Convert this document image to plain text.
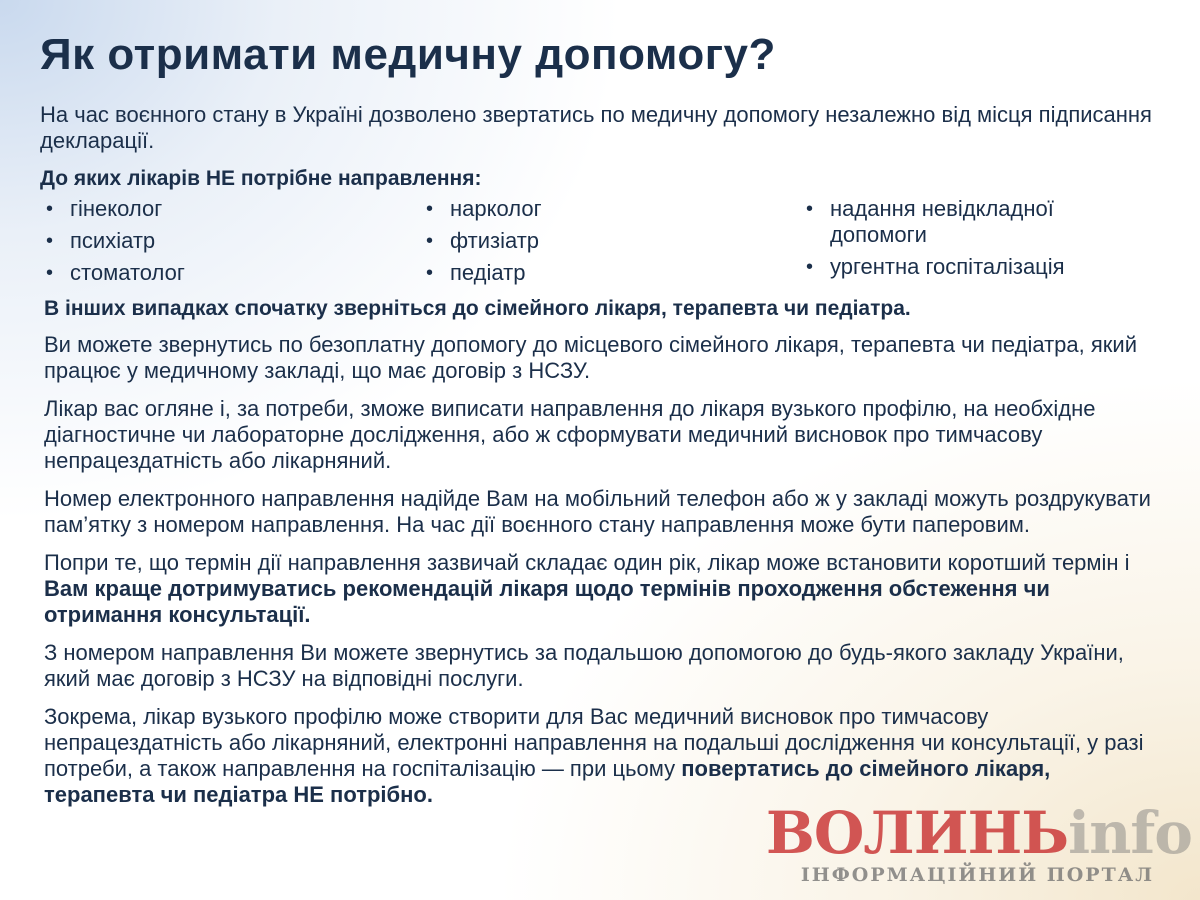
Як отримати медичну допомогу?

На час воєнного стану в Україні дозволено звертатись по медичну допомогу незалежно від місця підписання декларації.

До яких лікарів НЕ потрібне направлення:

• гінеколог
• психіатр
• стоматолог
• нарколог
• фтизіатр
• педіатр
• надання невідкладної допомоги
• ургентна госпіталізація

В інших випадках спочатку зверніться до сімейного лікаря, терапевта чи педіатра.

Ви можете звернутись по безоплатну допомогу до місцевого сімейного лікаря, терапевта чи педіатра, який працює у медичному закладі, що має договір з НСЗУ.

Лікар вас огляне і, за потреби, зможе виписати направлення до лікаря вузького профілю, на необхідне діагностичне чи лабораторне дослідження, або ж сформувати медичний висновок про тимчасову непрацездатність або лікарняний.

Номер електронного направлення надійде Вам на мобільний телефон або ж у закладі можуть роздрукувати пам’ятку з номером направлення. На час дії воєнного стану направлення може бути паперовим.

Попри те, що термін дії направлення зазвичай складає один рік, лікар може встановити коротший термін і Вам краще дотримуватись рекомендацій лікаря щодо термінів проходження обстеження чи отримання консультації.

З номером направлення Ви можете звернутись за подальшою допомогою до будь-якого закладу України, який має договір з НСЗУ на відповідні послуги.

Зокрема, лікар вузького профілю може створити для Вас медичний висновок про тимчасову непрацездатність або лікарняний, електронні направлення на подальші дослідження чи консультації, у разі потреби, а також направлення на госпіталізацію — при цьому повертатись до сімейного лікаря, терапевта чи педіатра НЕ потрібно.

ВОЛИНЬinfo
ІНФОРМАЦІЙНИЙ ПОРТАЛ
